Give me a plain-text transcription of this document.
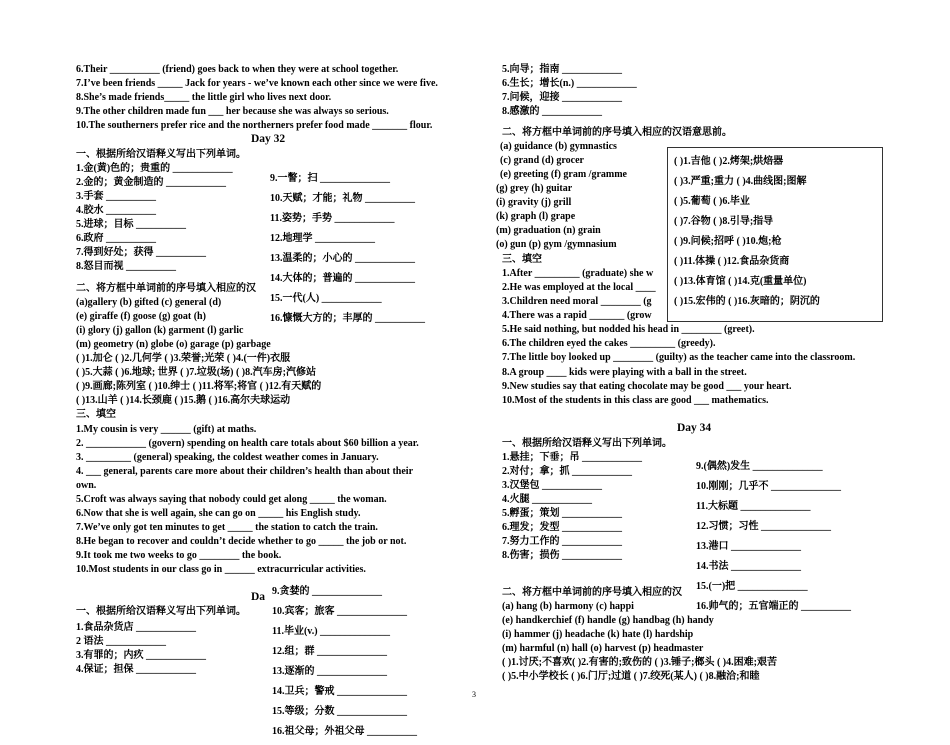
6.Their __________ (friend) goes back to when they were at school together.
7.I’ve been friends _____ Jack for years - we’ve known each other since we were five.
8.She’s made friends_____ the little girl who lives next door.
9.The other children made fun ___ her because she was always so serious.
10.The southerners prefer rice and the northerners prefer food made _______ flour.
Day 32
一、根据所给汉语释义写出下列单词。
1.金(黄)色的；贵重的 ____________
2.金的；黄金制造的 ____________
3.手套 __________
4.胶水 __________
5.进球；目标 __________
6.政府 __________
7.得到好处；获得 __________
8.怒目而视 __________
二、将方框中单词前的序号填入相应的汉
(a)gallery (b) gifted (c) general (d)
(e) giraffe (f) goose (g) goat (h)
(i) glory (j) gallon (k) garment (l) garlic
(m) geometry (n) globe (o) garage (p) garbage
( )1.加仑 ( )2.几何学 ( )3.荣誉;光荣 ( )4.(一件)衣服
( )5.大蒜 ( )6.地球; 世界 ( )7.垃圾(场) ( )8.汽车房;汽修站
( )9.画廊;陈列室 ( )10.绅士 ( )11.将军;将官 ( )12.有天赋的
( )13.山羊 ( )14.长颈鹿 ( )15.鹅 ( )16.高尔夫球运动
三、填空
1.My cousin is very ______ (gift) at maths.
2. ____________ (govern) spending on health care totals about $60 billion a year.
3. _________ (general) speaking, the coldest weather comes in January.
4. ___ general, parents care more about their children’s health than about their
own.
5.Croft was always saying that nobody could get along _____ the woman.
6.Now that she is well again, she can go on _____ his English study.
7.We’ve only got ten minutes to get _____ the station to catch the train.
8.He began to recover and couldn’t decide whether to go _____ the job or not.
9.It took me two weeks to go ________ the book.
10.Most students in our class go in ______ extracurricular activities.
Da
一、根据所给汉语释义写出下列单词。
1.食品杂货店 ____________
2 语法 ____________
3.有罪的；内疚 ____________
4.保证；担保 ____________
9.一瞥；扫 ______________
10.天赋；才能；礼物 __________
11.姿势；手势 ____________
12.地理学 ____________
13.温柔的；小心的 ____________
14.大体的；普遍的 ____________
15.一代(人) ____________
16.慷慨大方的；丰厚的 __________
9.贪婪的 ______________
10.宾客；旅客 ______________
11.毕业(v.) ______________
12.组；群 ______________
13.逐渐的 ______________
14.卫兵；警戒 ______________
15.等级；分数 ______________
16.祖父母；外祖父母 __________
5.向导；指南 ____________
6.生长；增长(n.) ____________
7.问候，迎接 ____________
8.感激的 ____________
二、将方框中单词前的序号填入相应的汉语意思前。
(a) guidance (b) gymnastics
(c) grand (d) grocer
(e) greeting (f) gram /gramme
(g) grey (h) guitar
(i) gravity (j) grill
(k) graph (l) grape
(m) graduation (n) grain
(o) gun (p) gym /gymnasium
三、填空
1.After _________ (graduate) she w
2.He was employed at the local ____
3.Children need moral ________ (g
4.There was a rapid _______ (grow
5.He said nothing, but nodded his head in ________ (greet).
6.The children eyed the cakes _________ (greedy).
7.The little boy looked up ________ (guilty) as the teacher came into the classroom.
8.A group ____ kids were playing with a ball in the street.
9.New studies say that eating chocolate may be good ___ your heart.
10.Most of the students in this class are good ___ mathematics.
( )1.吉他 ( )2.烤架;烘焙器
( )3.严重;重力 ( )4.曲线图;图解
( )5.葡萄 ( )6.毕业
( )7.谷物 ( )8.引导;指导
( )9.问候;招呼 ( )10.炮;枪
( )11.体操 ( )12.食品杂货商
( )13.体育馆 ( )14.克(重量单位)
( )15.宏伟的 ( )16.灰暗的；阴沉的
Day 34
一、根据所给汉语释义写出下列单词。
1.悬挂；下垂；吊 ____________
2.对付；拿；抓 ____________
3.汉堡包 ____________
4.火腿 ____________
5.孵蛋；策划 ____________
6.理发；发型 ____________
7.努力工作的 ____________
8.伤害；损伤 ____________
二、将方框中单词前的序号填入相应的汉
(a) hang (b) harmony (c) happi
(e) handkerchief (f) handle (g) handbag (h) handy
(i) hammer (j) headache (k) hate (l) hardship
(m) harmful (n) hall (o) harvest (p) headmaster
( )1.讨厌;不喜欢( )2.有害的;致伤的 ( )3.锤子;榔头 ( )4.困难;艰苦
( )5.中小学校长 ( )6.门厅;过道 ( )7.绞死(某人) ( )8.融洽;和睦
9.(偶然)发生 ______________
10.刚刚；几乎不 ______________
11.大标题 ______________
12.习惯；习性 ______________
13.港口 ______________
14.书法 ______________
15.(一)把 ______________
16.帅气的；五官端正的 __________
3
